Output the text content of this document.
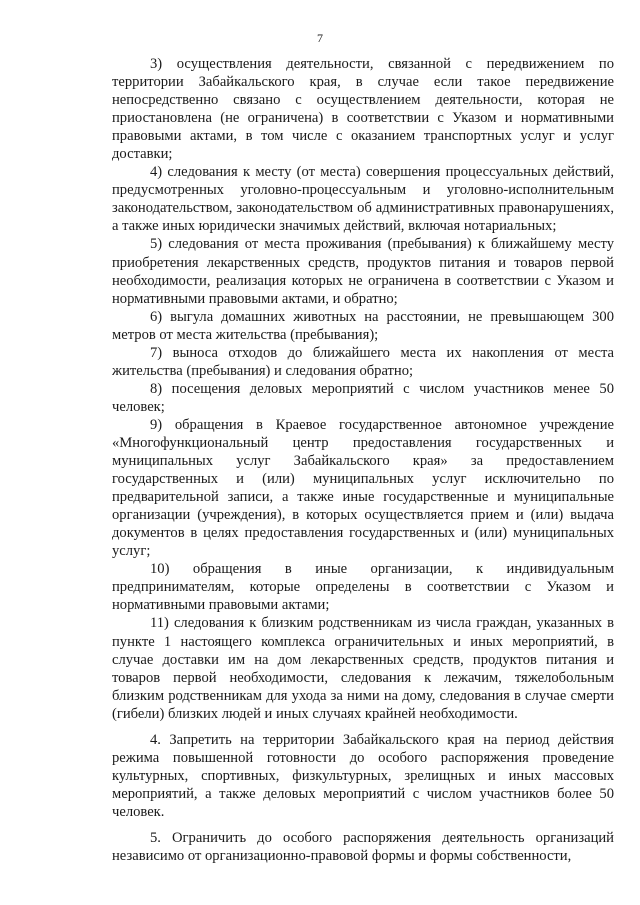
7

3) осуществления деятельности, связанной с передвижением по территории Забайкальского края, в случае если такое передвижение непосредственно связано с осуществлением деятельности, которая не приостановлена (не ограничена) в соответствии с Указом и нормативными правовыми актами, в том числе с оказанием транспортных услуг и услуг доставки;

4) следования к месту (от места) совершения процессуальных действий, предусмотренных уголовно-процессуальным и уголовно-исполнительным законодательством, законодательством об административных правонарушениях, а также иных юридически значимых действий, включая нотариальных;

5) следования от места проживания (пребывания) к ближайшему месту приобретения лекарственных средств, продуктов питания и товаров первой необходимости, реализация которых не ограничена в соответствии с Указом и нормативными правовыми актами, и обратно;

6) выгула домашних животных на расстоянии, не превышающем 300 метров от места жительства (пребывания);

7) выноса отходов до ближайшего места их накопления от места жительства (пребывания) и следования обратно;

8) посещения деловых мероприятий с числом участников менее 50 человек;

9) обращения в Краевое государственное автономное учреждение «Многофункциональный центр предоставления государственных и муниципальных услуг Забайкальского края» за предоставлением государственных и (или) муниципальных услуг исключительно по предварительной записи, а также иные государственные и муниципальные организации (учреждения), в которых осуществляется прием и (или) выдача документов в целях предоставления государственных и (или) муниципальных услуг;

10) обращения в иные организации, к индивидуальным предпринимателям, которые определены в соответствии с Указом и нормативными правовыми актами;

11) следования к близким родственникам из числа граждан, указанных в пункте 1 настоящего комплекса ограничительных и иных мероприятий, в случае доставки им на дом лекарственных средств, продуктов питания и товаров первой необходимости, следования к лежачим, тяжелобольным близким родственникам для ухода за ними на дому, следования в случае смерти (гибели) близких людей и иных случаях крайней необходимости.

4. Запретить на территории Забайкальского края на период действия режима повышенной готовности до особого распоряжения проведение культурных, спортивных, физкультурных, зрелищных и иных массовых мероприятий, а также деловых мероприятий с числом участников более 50 человек.

5. Ограничить до особого распоряжения деятельность организаций независимо от организационно-правовой формы и формы собственности,
